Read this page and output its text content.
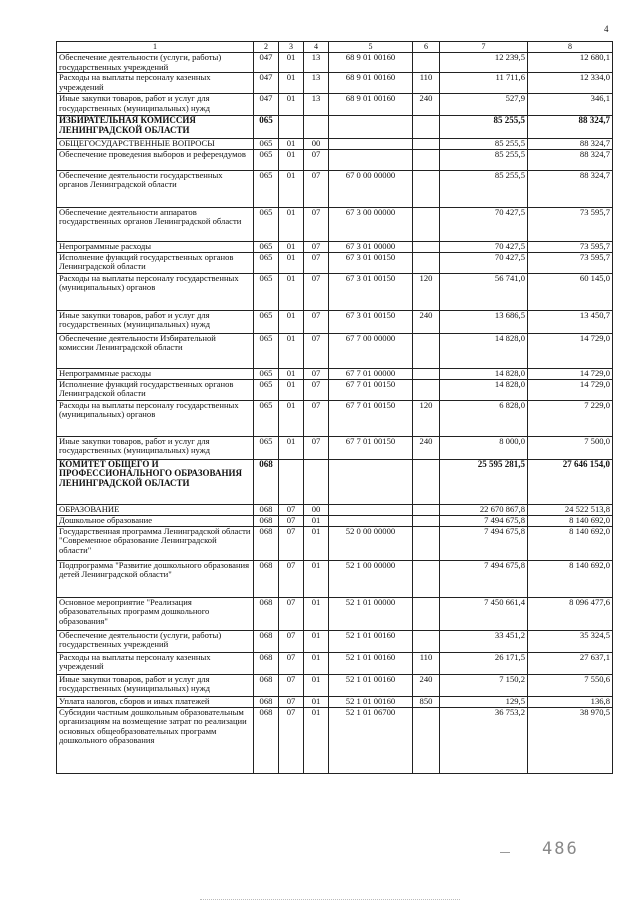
4
1	2	3	4	5	6	7	8
Обеспечение деятельности (услуги, работы) государственных учреждений	047	01	13	68 9 01 00160		12 239,5	12 680,1
Расходы на выплаты персоналу казенных учреждений	047	01	13	68 9 01 00160	110	11 711,6	12 334,0
Иные закупки товаров, работ и услуг для государственных (муниципальных) нужд	047	01	13	68 9 01 00160	240	527,9	346,1
ИЗБИРАТЕЛЬНАЯ КОМИССИЯ ЛЕНИНГРАДСКОЙ ОБЛАСТИ	065					85 255,5	88 324,7
ОБЩЕГОСУДАРСТВЕННЫЕ ВОПРОСЫ	065	01	00			85 255,5	88 324,7
Обеспечение проведения выборов и референдумов	065	01	07			85 255,5	88 324,7
Обеспечение деятельности государственных органов Ленинградской области	065	01	07	67 0 00 00000		85 255,5	88 324,7
Обеспечение деятельности аппаратов государственных органов Ленинградской области	065	01	07	67 3 00 00000		70 427,5	73 595,7
Непрограммные расходы	065	01	07	67 3 01 00000		70 427,5	73 595,7
Исполнение функций государственных органов Ленинградской области	065	01	07	67 3 01 00150		70 427,5	73 595,7
Расходы на выплаты персоналу государственных (муниципальных) органов	065	01	07	67 3 01 00150	120	56 741,0	60 145,0
Иные закупки товаров, работ и услуг для государственных (муниципальных) нужд	065	01	07	67 3 01 00150	240	13 686,5	13 450,7
Обеспечение деятельности Избирательной комиссии Ленинградской области	065	01	07	67 7 00 00000		14 828,0	14 729,0
Непрограммные расходы	065	01	07	67 7 01 00000		14 828,0	14 729,0
Исполнение функций государственных органов Ленинградской области	065	01	07	67 7 01 00150		14 828,0	14 729,0
Расходы на выплаты персоналу государственных (муниципальных) органов	065	01	07	67 7 01 00150	120	6 828,0	7 229,0
Иные закупки товаров, работ и услуг для государственных (муниципальных) нужд	065	01	07	67 7 01 00150	240	8 000,0	7 500,0
КОМИТЕТ ОБЩЕГО И ПРОФЕССИОНАЛЬНОГО ОБРАЗОВАНИЯ ЛЕНИНГРАДСКОЙ ОБЛАСТИ	068					25 595 281,5	27 646 154,0
ОБРАЗОВАНИЕ	068	07	00			22 670 867,8	24 522 513,8
Дошкольное образование	068	07	01			7 494 675,8	8 140 692,0
Государственная программа Ленинградской области "Современное образование Ленинградской области"	068	07	01	52 0 00 00000		7 494 675,8	8 140 692,0
Подпрограмма "Развитие дошкольного образования детей Ленинградской области"	068	07	01	52 1 00 00000		7 494 675,8	8 140 692,0
Основное мероприятие "Реализация образовательных программ дошкольного образования"	068	07	01	52 1 01 00000		7 450 661,4	8 096 477,6
Обеспечение деятельности (услуги, работы) государственных учреждений	068	07	01	52 1 01 00160		33 451,2	35 324,5
Расходы на выплаты персоналу казенных учреждений	068	07	01	52 1 01 00160	110	26 171,5	27 637,1
Иные закупки товаров, работ и услуг для государственных (муниципальных) нужд	068	07	01	52 1 01 00160	240	7 150,2	7 550,6
Уплата налогов, сборов и иных платежей	068	07	01	52 1 01 00160	850	129,5	136,8
Субсидии частным дошкольным образовательным организациям на возмещение затрат по реализации основных общеобразовательных программ дошкольного образования	068	07	01	52 1 01 06700		36 753,2	38 970,5
486
